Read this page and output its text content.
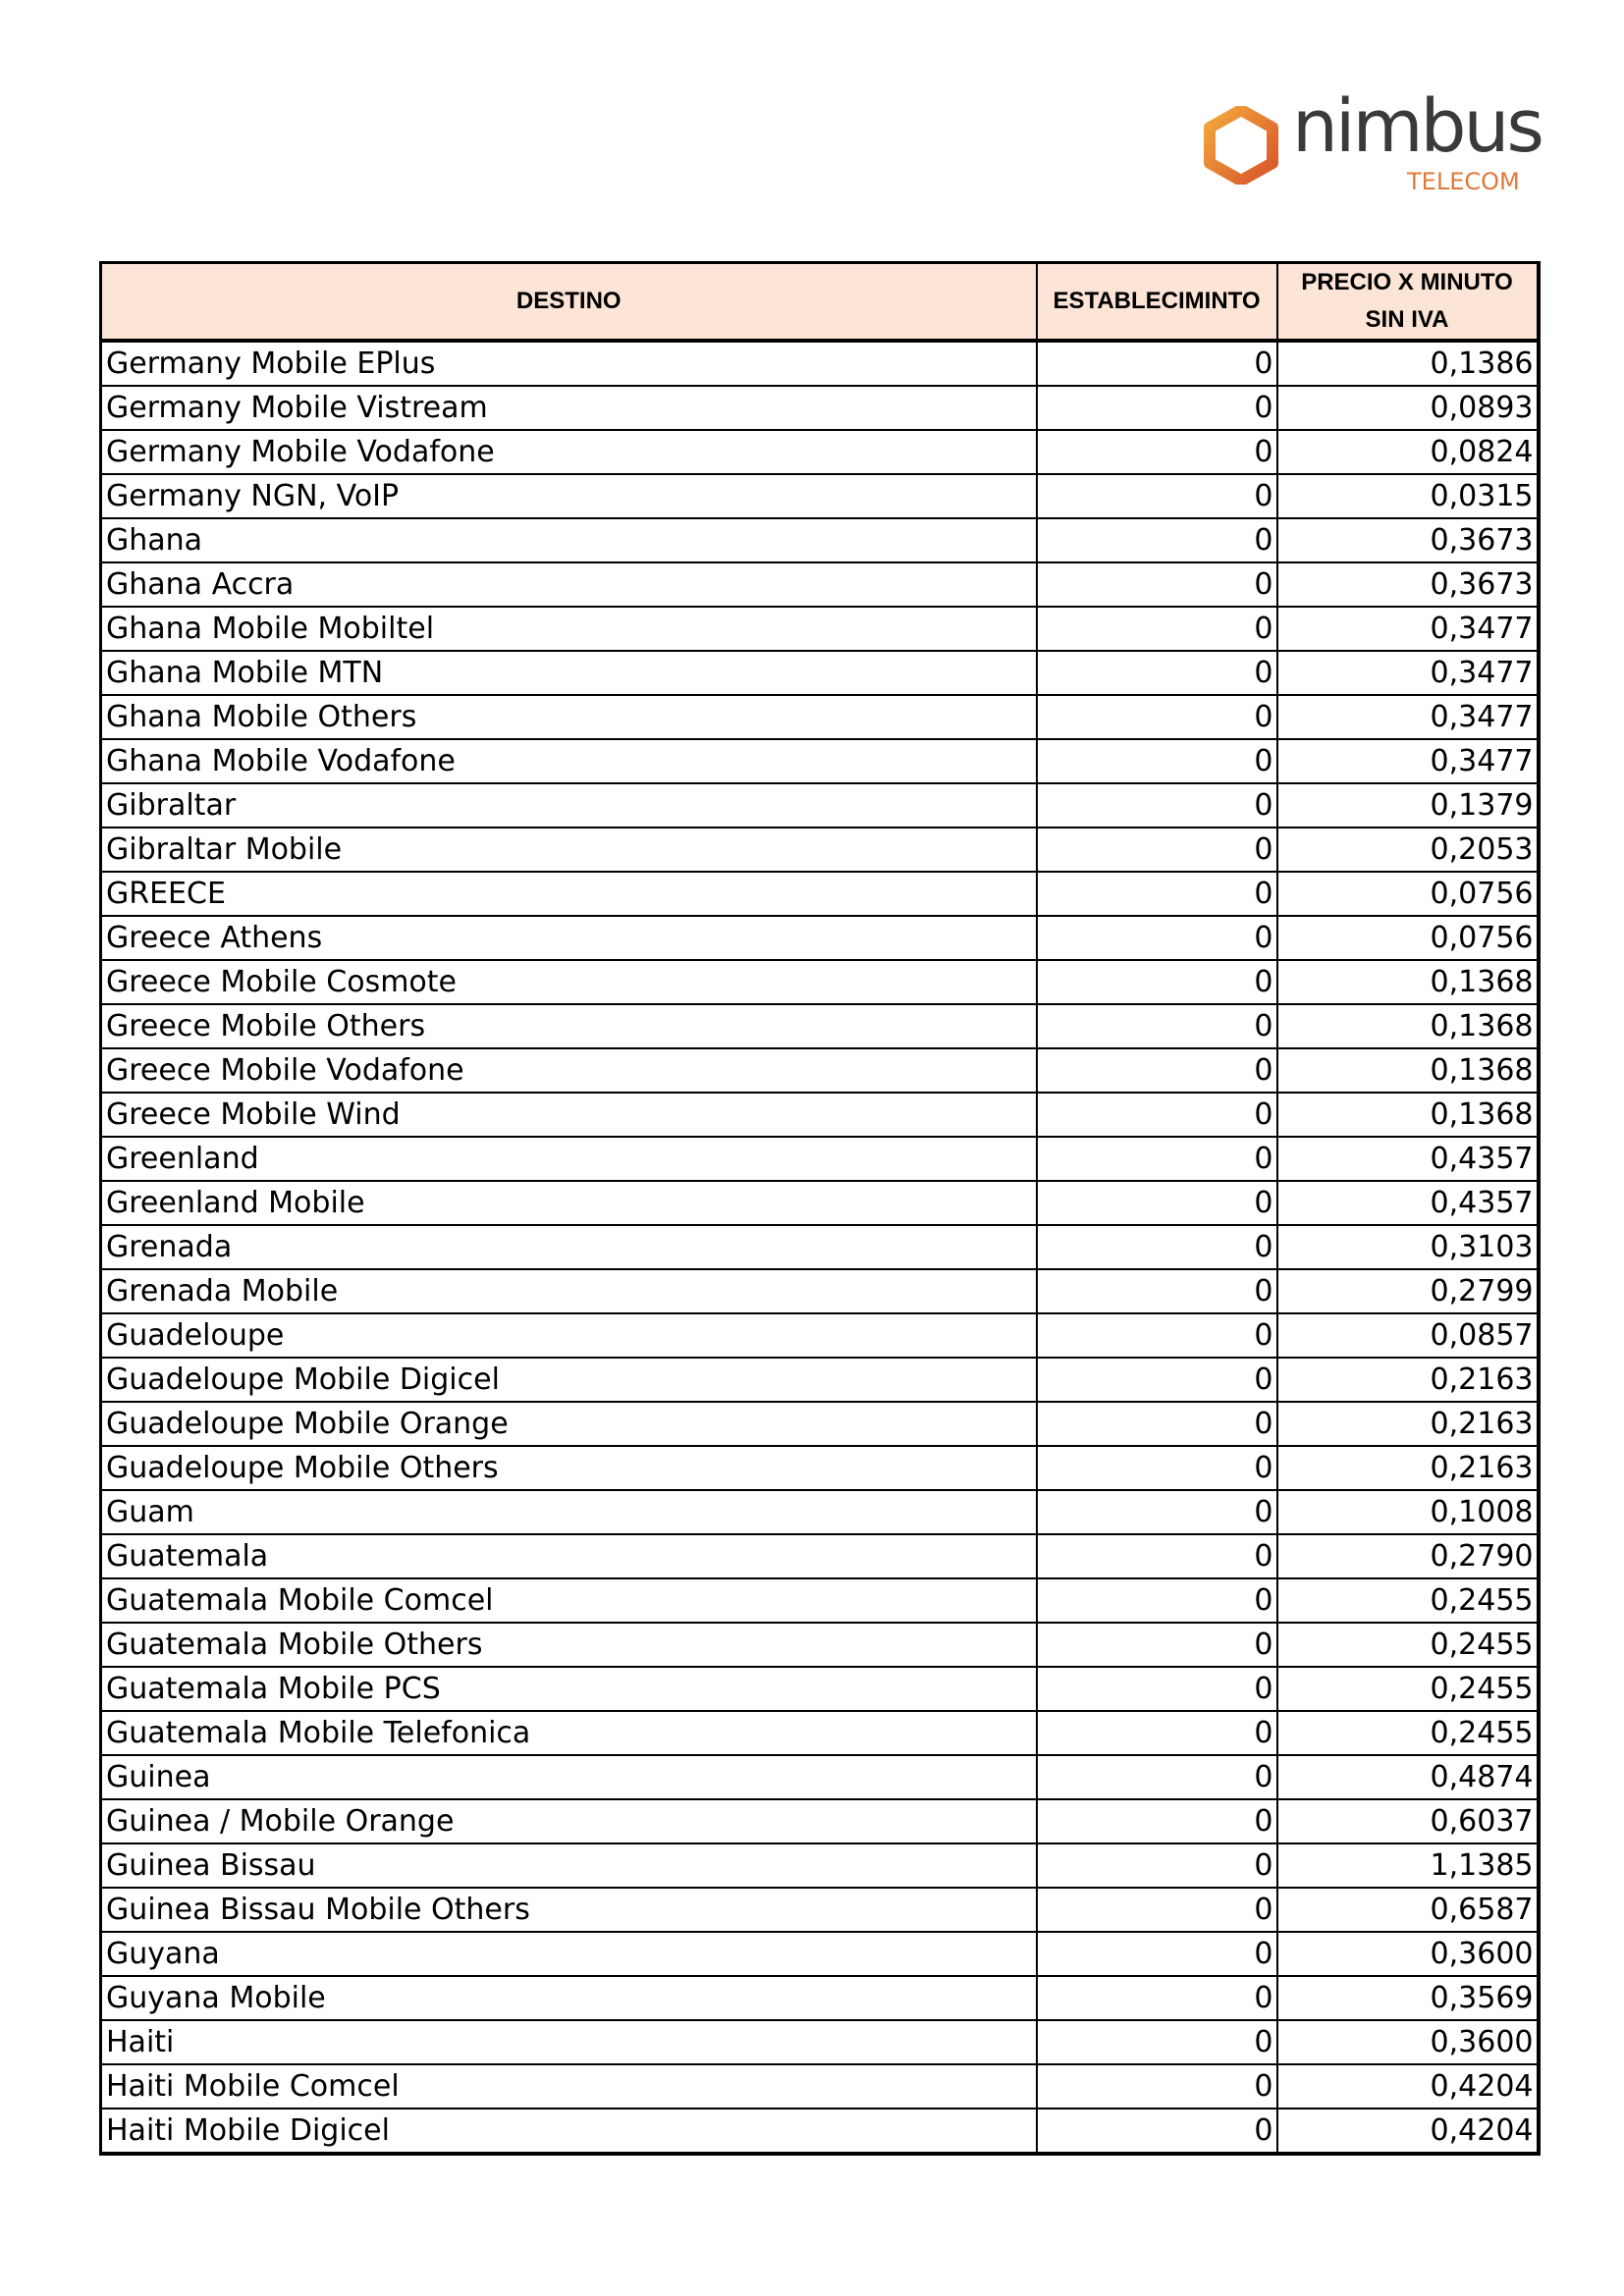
nimbus
TELECOM
DESTINO	ESTABLECIMINTO	PRECIO X MINUTO
SIN IVA

Germany Mobile EPlus	0	0,1386
Germany Mobile Vistream	0	0,0893
Germany Mobile Vodafone	0	0,0824
Germany NGN, VoIP	0	0,0315
Ghana	0	0,3673
Ghana Accra	0	0,3673
Ghana Mobile Mobiltel	0	0,3477
Ghana Mobile MTN	0	0,3477
Ghana Mobile Others	0	0,3477
Ghana Mobile Vodafone	0	0,3477
Gibraltar	0	0,1379
Gibraltar Mobile	0	0,2053
GREECE	0	0,0756
Greece Athens	0	0,0756
Greece Mobile Cosmote	0	0,1368
Greece Mobile Others	0	0,1368
Greece Mobile Vodafone	0	0,1368
Greece Mobile Wind	0	0,1368
Greenland	0	0,4357
Greenland Mobile	0	0,4357
Grenada	0	0,3103
Grenada Mobile	0	0,2799
Guadeloupe	0	0,0857
Guadeloupe Mobile Digicel	0	0,2163
Guadeloupe Mobile Orange	0	0,2163
Guadeloupe Mobile Others	0	0,2163
Guam	0	0,1008
Guatemala	0	0,2790
Guatemala Mobile Comcel	0	0,2455
Guatemala Mobile Others	0	0,2455
Guatemala Mobile PCS	0	0,2455
Guatemala Mobile Telefonica	0	0,2455
Guinea	0	0,4874
Guinea / Mobile Orange	0	0,6037
Guinea Bissau	0	1,1385
Guinea Bissau Mobile Others	0	0,6587
Guyana	0	0,3600
Guyana Mobile	0	0,3569
Haiti	0	0,3600
Haiti Mobile Comcel	0	0,4204
Haiti Mobile Digicel	0	0,4204
